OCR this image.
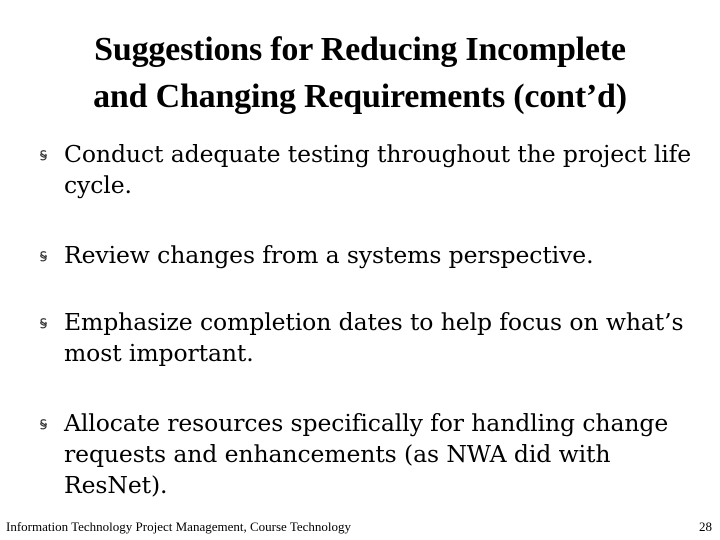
Suggestions for Reducing Incomplete
and Changing Requirements (cont’d)
Conduct adequate testing throughout the project life cycle.
Review changes from a systems perspective.
Emphasize completion dates to help focus on what’s most important.
Allocate resources specifically for handling change requests and enhancements (as NWA did with ResNet).
Information Technology Project Management, Course Technology	28
